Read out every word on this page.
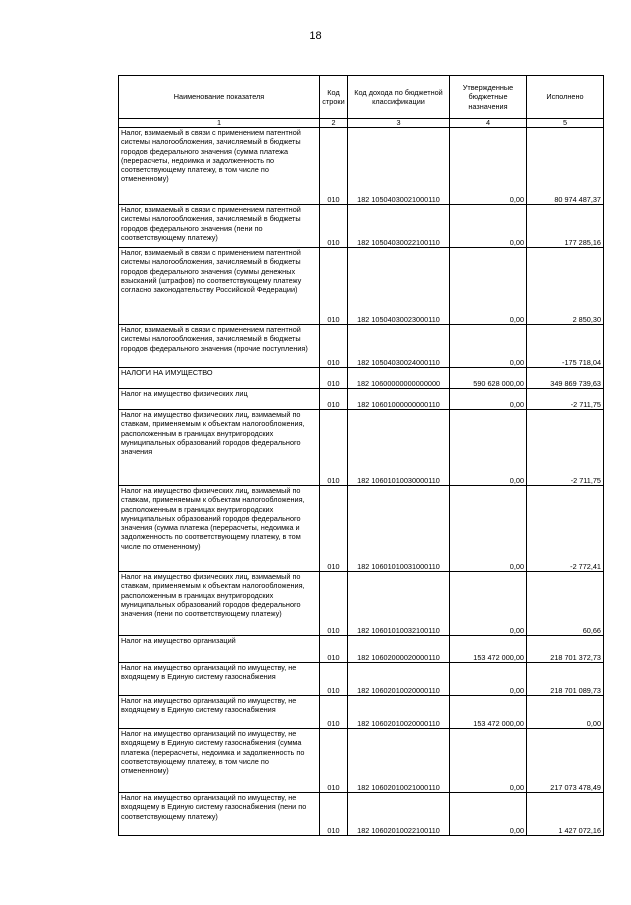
18
Наименование показателя	Код строки	Код дохода по бюджетной классификации	Утвержденные бюджетные назначения	Исполнено
1	2	3	4	5
Налог, взимаемый в связи с применением патентной системы налогообложения, зачисляемый в бюджеты городов федерального значения (сумма платежа (перерасчеты, недоимка и задолженность по соответствующему платежу, в том числе по отмененному)	010	182 10504030021000110	0,00	80 974 487,37
Налог, взимаемый в связи с применением патентной системы налогообложения, зачисляемый в бюджеты городов федерального значения (пени по соответствующему платежу)	010	182 10504030022100110	0,00	177 285,16
Налог, взимаемый в связи с применением патентной системы налогообложения, зачисляемый в бюджеты городов федерального значения (суммы денежных взысканий (штрафов) по соответствующему платежу согласно законодательству Российской Федерации)	010	182 10504030023000110	0,00	2 850,30
Налог, взимаемый в связи с применением патентной системы налогообложения, зачисляемый в бюджеты городов федерального значения (прочие поступления)	010	182 10504030024000110	0,00	-175 718,04
НАЛОГИ НА ИМУЩЕСТВО	010	182 10600000000000000	590 628 000,00	349 869 739,63
Налог на имущество физических лиц	010	182 10601000000000110	0,00	-2 711,75
Налог на имущество физических лиц, взимаемый по ставкам, применяемым к объектам налогообложения, расположенным в границах внутригородских муниципальных образований городов федерального значения	010	182 10601010030000110	0,00	-2 711,75
Налог на имущество физических лиц, взимаемый по ставкам, применяемым к объектам налогообложения, расположенным в границах внутригородских муниципальных образований городов федерального значения (сумма платежа (перерасчеты, недоимка и задолженность по соответствующему платежу, в том числе по отмененному)	010	182 10601010031000110	0,00	-2 772,41
Налог на имущество физических лиц, взимаемый по ставкам, применяемым к объектам налогообложения, расположенным в границах внутригородских муниципальных образований городов федерального значения (пени по соответствующему платежу)	010	182 10601010032100110	0,00	60,66
Налог на имущество организаций	010	182 10602000020000110	153 472 000,00	218 701 372,73
Налог на имущество организаций по имуществу, не входящему в Единую систему газоснабжения	010	182 10602010020000110	0,00	218 701 089,73
Налог на имущество организаций по имуществу, не входящему в Единую систему газоснабжения	010	182 10602010020000110	153 472 000,00	0,00
Налог на имущество организаций по имуществу, не входящему в Единую систему газоснабжения (сумма платежа (перерасчеты, недоимка и задолженность по соответствующему платежу, в том числе по отмененному)	010	182 10602010021000110	0,00	217 073 478,49
Налог на имущество организаций по имуществу, не входящему в Единую систему газоснабжения (пени по соответствующему платежу)	010	182 10602010022100110	0,00	1 427 072,16
